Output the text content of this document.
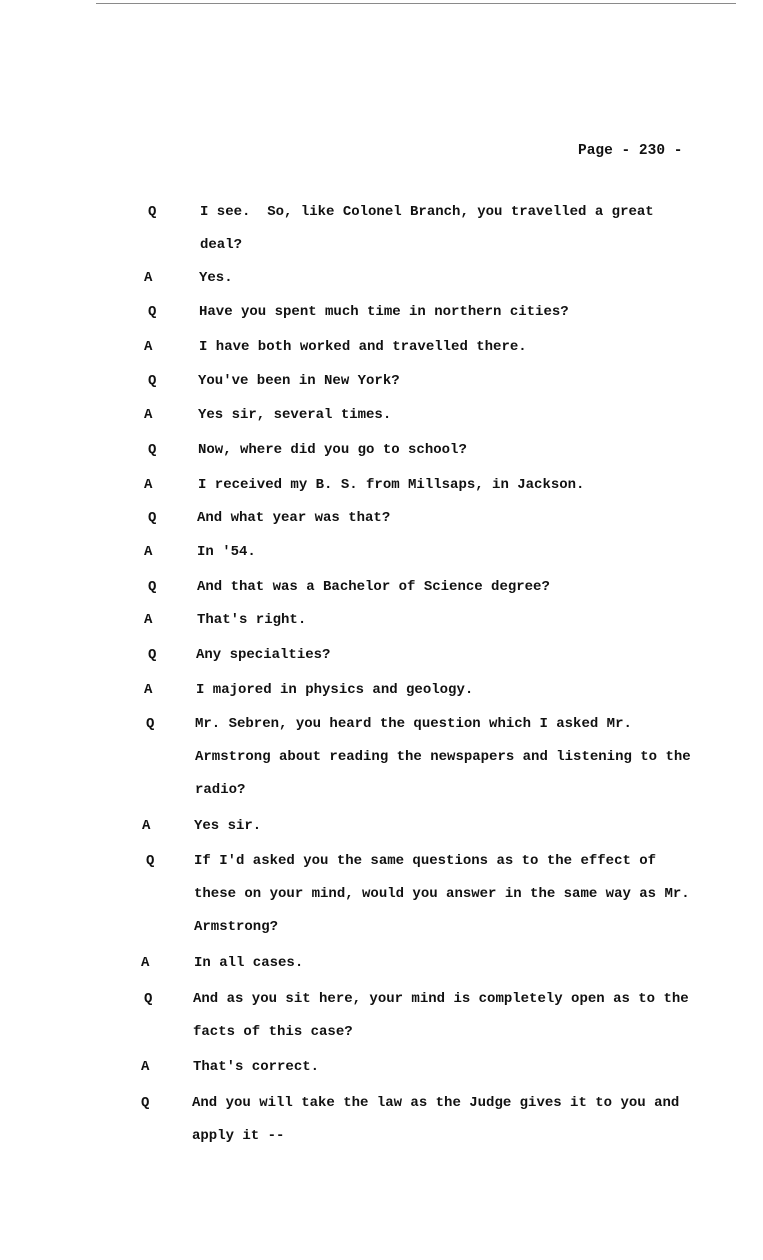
Page - 230 -
Q	I see.  So, like Colonel Branch, you travelled a great
deal?
A	Yes.
Q	Have you spent much time in northern cities?
A	I have both worked and travelled there.
Q	You've been in New York?
A	Yes sir, several times.
Q	Now, where did you go to school?
A	I received my B. S. from Millsaps, in Jackson.
Q	And what year was that?
A	In '54.
Q	And that was a Bachelor of Science degree?
A	That's right.
Q	Any specialties?
A	I majored in physics and geology.
Q	Mr. Sebren, you heard the question which I asked Mr.
Armstrong about reading the newspapers and listening to the
radio?
A	Yes sir.
Q	If I'd asked you the same questions as to the effect of
these on your mind, would you answer in the same way as Mr.
Armstrong?
A	In all cases.
Q	And as you sit here, your mind is completely open as to the
facts of this case?
A	That's correct.
Q	And you will take the law as the Judge gives it to you and
apply it --
